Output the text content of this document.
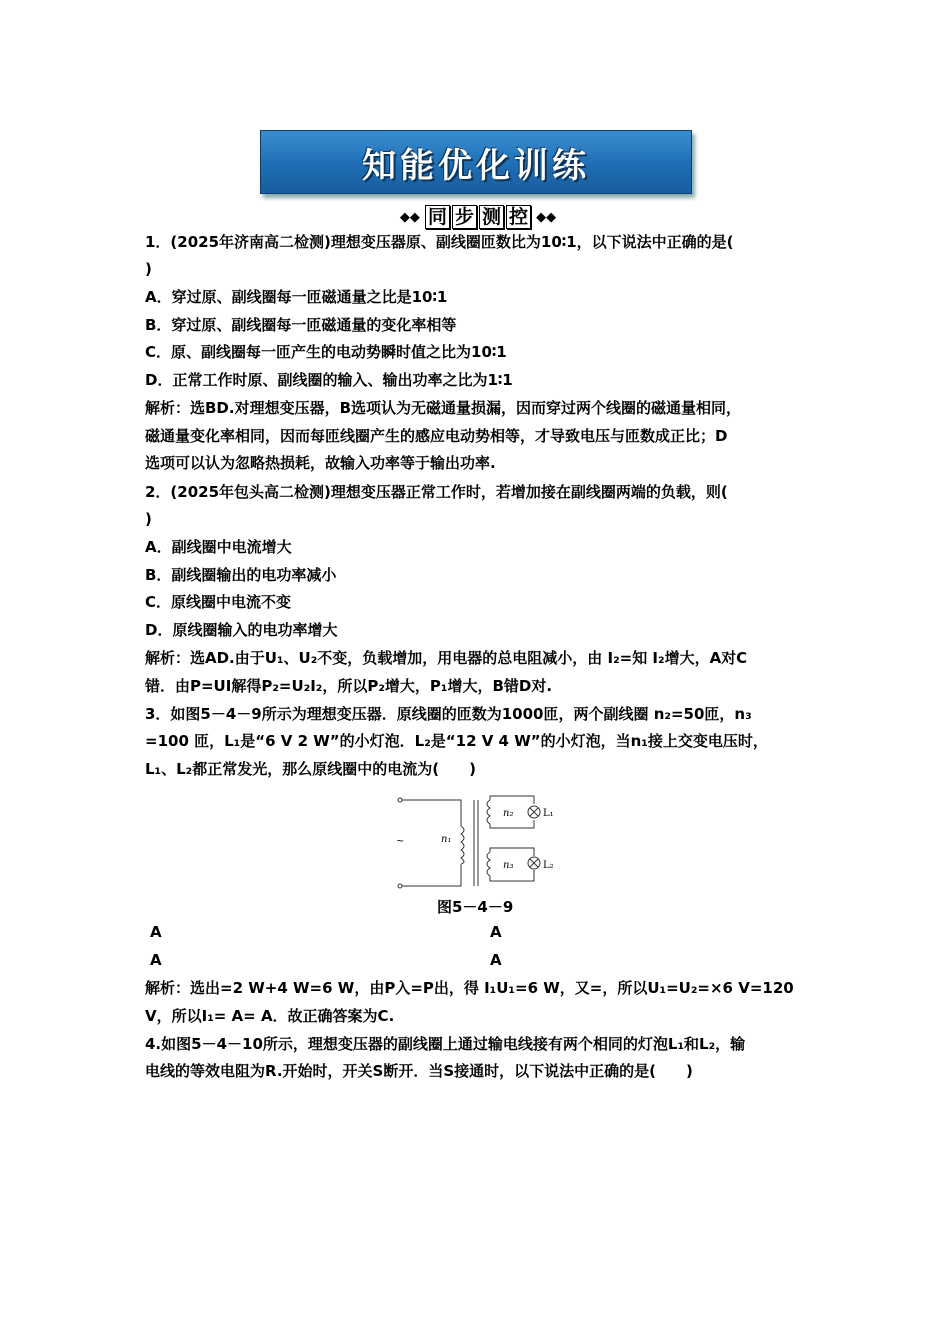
知能优化训练
◆◆
同 步 测 控
◆◆
1．(2025年济南高二检测)理想变压器原、副线圈匝数比为10∶1，以下说法中正确的是(
)
A．穿过原、副线圈每一匝磁通量之比是10∶1
B．穿过原、副线圈每一匝磁通量的变化率相等
C．原、副线圈每一匝产生的电动势瞬时值之比为10∶1
D．正常工作时原、副线圈的输入、输出功率之比为1∶1
解析：选BD.对理想变压器，B选项认为无磁通量损漏，因而穿过两个线圈的磁通量相同，
磁通量变化率相同，因而每匝线圈产生的感应电动势相等，才导致电压与匝数成正比；D
选项可以认为忽略热损耗，故输入功率等于输出功率.
2．(2025年包头高二检测)理想变压器正常工作时，若增加接在副线圈两端的负载，则(
)
A．副线圈中电流增大
B．副线圈输出的电功率减小
C．原线圈中电流不变
D．原线圈输入的电功率增大
解析：选AD.由于U₁、U₂不变，负载增加，用电器的总电阻减小，由 I₂=知 I₂增大，A对C
错．由P=UI解得P₂=U₂I₂，所以P₂增大，P₁增大，B错D对.
3．如图5－4－9所示为理想变压器．原线圈的匝数为1000匝，两个副线圈 n₂=50匝，n₃
=100 匝，L₁是“6 V 2 W”的小灯泡．L₂是“12 V 4 W”的小灯泡，当n₁接上交变电压时，
L₁、L₂都正常发光，那么原线圈中的电流为(　　)
~	n₁
n₂
n₃
L₁
L₂
图5－4－9
A	A
A	A
解析：选出=2 W+4 W=6 W，由P入=P出，得 I₁U₁=6 W，又=，所以U₁=U₂=×6 V=120
V，所以I₁= A= A．故正确答案为C.
4.如图5－4－10所示，理想变压器的副线圈上通过输电线接有两个相同的灯泡L₁和L₂，输
电线的等效电阻为R.开始时，开关S断开．当S接通时，以下说法中正确的是(　　)
